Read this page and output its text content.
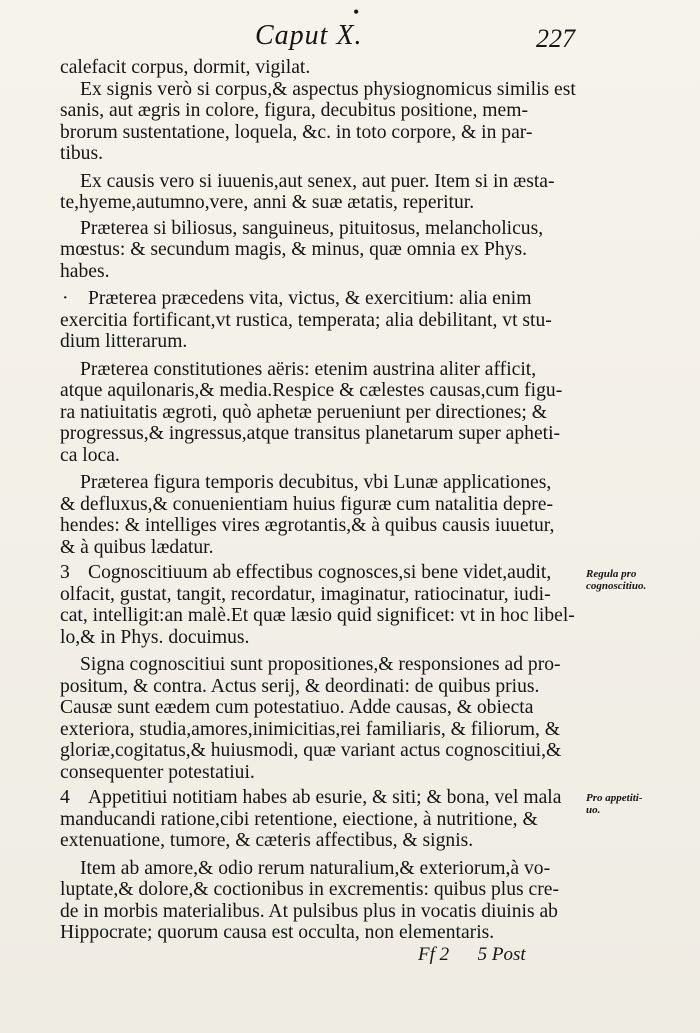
•
Caput X.	227

calefacit corpus, dormit, vigilat.

Ex signis verò si corpus,& aspectus physiognomicus similis est
sanis, aut ægris in colore, figura, decubitus positione, mem-
brorum sustentatione, loquela, &c. in toto corpore, & in par-
tibus.

Ex causis vero si iuuenis,aut senex, aut puer. Item si in æsta-
te,hyeme,autumno,vere, anni & suæ ætatis, reperitur.

Præterea si biliosus, sanguineus, pituitosus, melancholicus,
mœstus: & secundum magis, & minus, quæ omnia ex Phys.
habes.

· Præterea præcedens vita, victus, & exercitium: alia enim
exercitia fortificant,vt rustica, temperata; alia debilitant, vt stu-
dium litterarum.

Præterea constitutiones aëris: etenim austrina aliter afficit,
atque aquilonaris,& media.Respice & cælestes causas,cum figu-
ra natiuitatis ægroti, quò aphetæ perueniunt per directiones; &
progressus,& ingressus,atque transitus planetarum super apheti-
ca loca.

Præterea figura temporis decubitus, vbi Lunæ applicationes,
& defluxus,& conuenientiam huius figuræ cum natalitia depre-
hendes: & intelliges vires ægrotantis,& à quibus causis iuuetur,
& à quibus lædatur.

3 Cognoscitiuum ab effectibus cognosces,si bene videt,audit,
olfacit, gustat, tangit, recordatur, imaginatur, ratiocinatur, iudi-
cat, intelligit:an malè.Et quæ læsio quid significet: vt in hoc libel-
lo,& in Phys. docuimus.

Signa cognoscitiui sunt propositiones,& responsiones ad pro-
positum, & contra. Actus serij, & deordinati: de quibus prius.
Causæ sunt eædem cum potestatiuo. Adde causas, & obiecta
exteriora, studia,amores,inimicitias,rei familiaris, & filiorum, &
gloriæ,cogitatus,& huiusmodi, quæ variant actus cognoscitiui,&
consequenter potestatiui.

4 Appetitiui notitiam habes ab esurie, & siti; & bona, vel mala
manducandi ratione,cibi retentione, eiectione, à nutritione, &
extenuatione, tumore, & cæteris affectibus, & signis.

Item ab amore,& odio rerum naturalium,& exteriorum,à vo-
luptate,& dolore,& coctionibus in excrementis: quibus plus cre-
de in morbis materialibus. At pulsibus plus in vocatis diuinis ab
Hippocrate; quorum causa est occulta, non elementaris.

Regula pro
cognoscitiuo.
Pro appetiti-
uo.
Ff 2 5 Post
